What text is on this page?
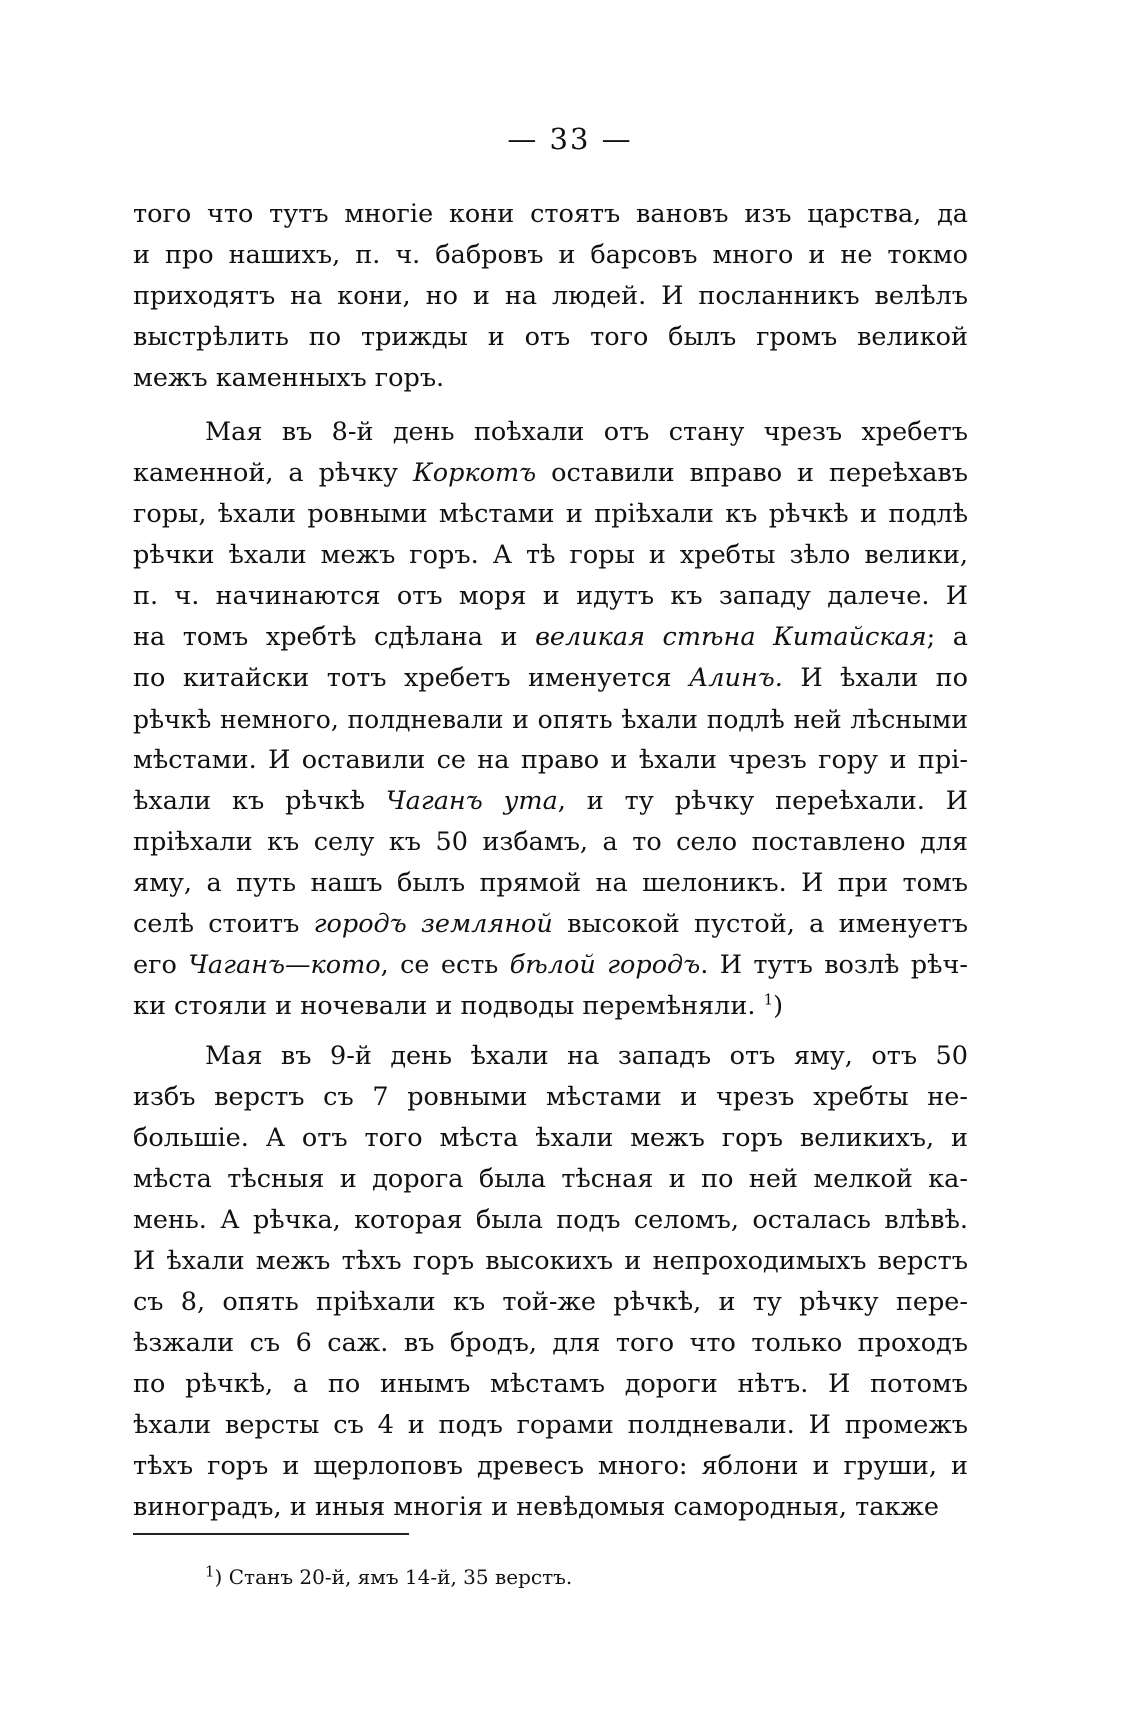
— 33 —
того что тутъ многіе кони стоятъ вановъ изъ царства, да
и про нашихъ, п. ч. бабровъ и барсовъ много и не токмо
приходятъ на кони, но и на людей. И посланникъ велѣлъ
выстрѣлить по трижды и отъ того былъ громъ великой
межъ каменныхъ горъ.
Мая въ 8-й день поѣхали отъ стану чрезъ хребетъ
каменной, а рѣчку Коркотъ оставили вправо и переѣхавъ
горы, ѣхали ровными мѣстами и пріѣхали къ рѣчкѣ и подлѣ
рѣчки ѣхали межъ горъ. А тѣ горы и хребты зѣло велики,
п. ч. начинаются отъ моря и идутъ къ западу далече. И
на томъ хребтѣ сдѣлана и великая стѣна Китайская; а
по китайски тотъ хребетъ именуется Алинъ. И ѣхали по
рѣчкѣ немного, полдневали и опять ѣхали подлѣ ней лѣсными
мѣстами. И оставили се на право и ѣхали чрезъ гору и прі-
ѣхали къ рѣчкѣ Чаганъ ута, и ту рѣчку переѣхали. И
пріѣхали къ селу къ 50 избамъ, а то село поставлено для
яму, а путь нашъ былъ прямой на шелоникъ. И при томъ
селѣ стоитъ городъ земляной высокой пустой, а именуетъ
его Чаганъ—кото, се есть бѣлой городъ. И тутъ возлѣ рѣч-
ки стояли и ночевали и подводы перемѣняли. $^1$)
Мая въ 9-й день ѣхали на западъ отъ яму, отъ 50
избъ верстъ съ 7 ровными мѣстами и чрезъ хребты не-
большіе. А отъ того мѣста ѣхали межъ горъ великихъ, и
мѣста тѣсныя и дорога была тѣсная и по ней мелкой ка-
мень. А рѣчка, которая была подъ селомъ, осталась влѣвѣ.
И ѣхали межъ тѣхъ горъ высокихъ и непроходимыхъ верстъ
съ 8, опять пріѣхали къ той-же рѣчкѣ, и ту рѣчку пере-
ѣзжали съ 6 саж. въ бродъ, для того что только проходъ
по рѣчкѣ, а по инымъ мѣстамъ дороги нѣтъ. И потомъ
ѣхали версты съ 4 и подъ горами полдневали. И промежъ
тѣхъ горъ и щерлоповъ древесъ много: яблони и груши, и
виноградъ, и иныя многія и невѣдомыя самородныя, также
$^1$) Станъ 20-й, ямъ 14-й, 35 верстъ.
